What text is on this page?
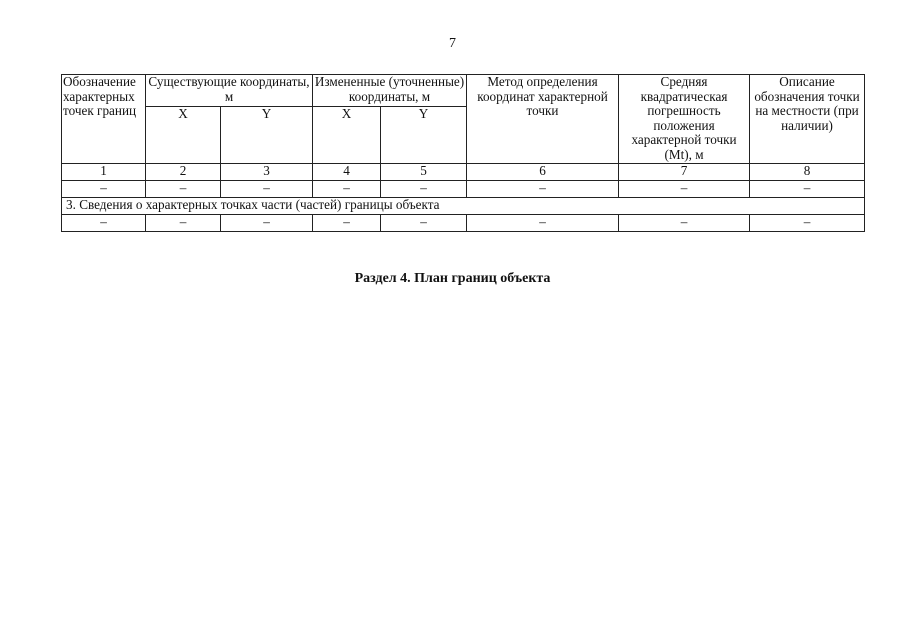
7
Обозначение характерных точек границ	Существующие координаты, м		Измененные (уточненные) координаты, м		Метод определения координат характерной точки	Средняя квадратическая погрешность положения характерной точки (Mt), м	Описание обозначения точки на местности (при наличии)
	X	Y	X	Y			
1	2	3	4	5	6	7	8
–	–	–	–	–	–	–	–
3. Сведения о характерных точках части (частей) границы объекта							
–	–	–	–	–	–	–	–
Раздел 4. План границ объекта
